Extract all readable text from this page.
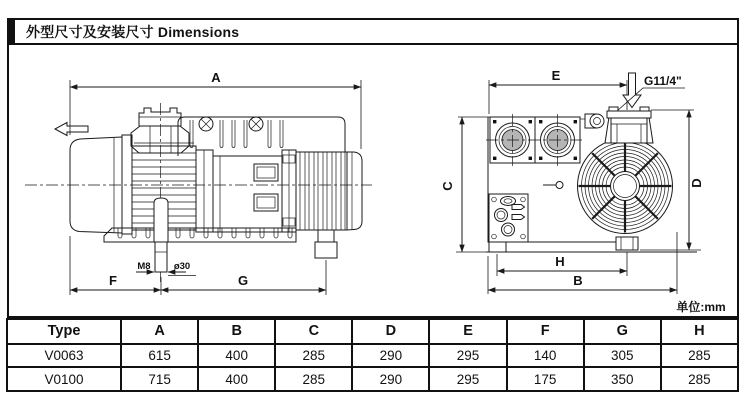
A
M8 ø30
F	G
E	G11/4"
C	D
H
B
单位:mm
外型尺寸及安装尺寸 Dimensions
Type	A	B	C	D	E	F	G	H
V0063	615	400	285	290	295	140	305	285
V0100	715	400	285	290	295	175	350	285
